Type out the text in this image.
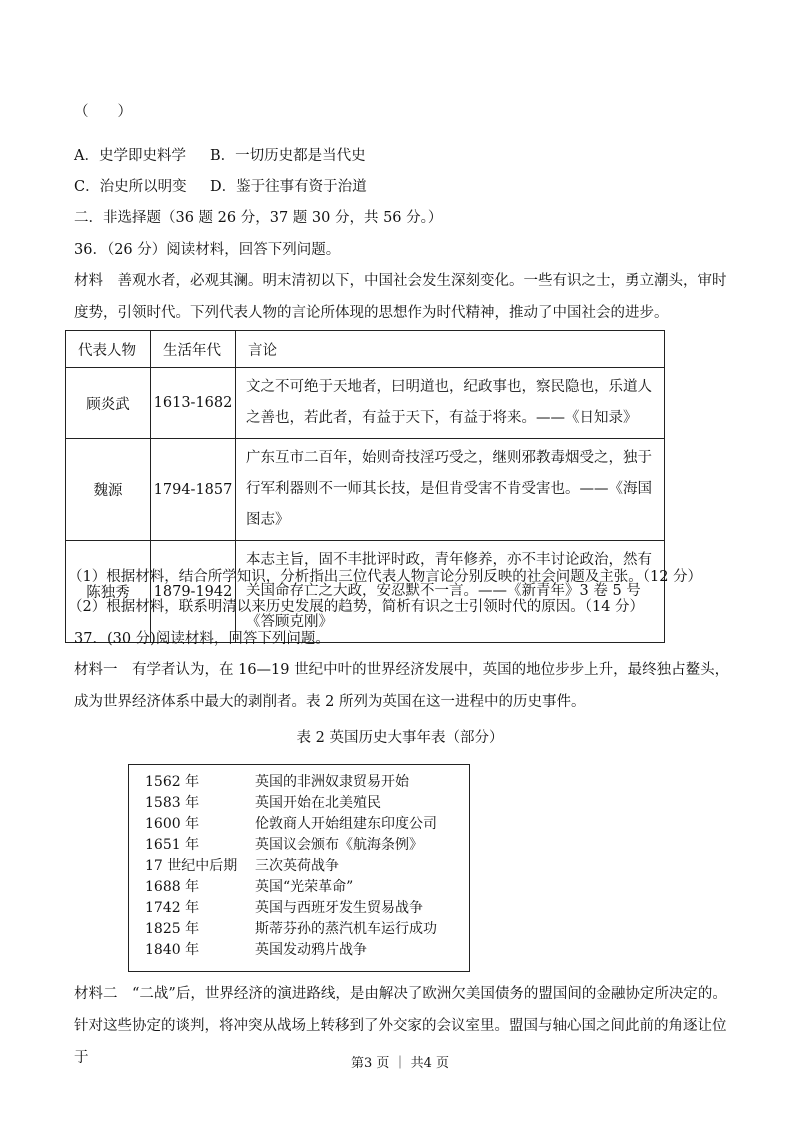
（　　）
A．史学即史料学 B．一切历史都是当代史
C．治史所以明变 D．鉴于往事有资于治道
二．非选择题（36 题 26 分，37 题 30 分，共 56 分。）
36．（26 分）阅读材料，回答下列问题。
材料　善观水者，必观其澜。明末清初以下，中国社会发生深刻变化。一些有识之士，勇立潮头，审时度势，引领时代。下列代表人物的言论所体现的思想作为时代精神，推动了中国社会的进步。
代表人物	生活年代	言论
顾炎武	1613-1682	文之不可绝于天地者，曰明道也，纪政事也，察民隐也，乐道人之善也，若此者，有益于天下，有益于将来。——《日知录》
魏源	1794-1857	广东互市二百年，始则奇技淫巧受之，继则邪教毒烟受之，独于行军利器则不一师其长技，是但肯受害不肯受害也。——《海国图志》
陈独秀	1879-1942	本志主旨，固不丰批评时政，青年修养，亦不丰讨论政治，然有关国命存亡之大政，安忍默不一言。——《新青年》3 卷 5 号《答顾克刚》
（1）根据材料，结合所学知识，分析指出三位代表人物言论分别反映的社会问题及主张。（12 分）
（2）根据材料，联系明清以来历史发展的趋势，简析有识之士引领时代的原因。（14 分）
37．(30 分)阅读材料，回答下列问题。
材料一　有学者认为，在 16—19 世纪中叶的世界经济发展中，英国的地位步步上升，最终独占鳌头，成为世界经济体系中最大的剥削者。表 2 所列为英国在这一进程中的历史事件。
表 2 英国历史大事年表（部分）
1562 年	英国的非洲奴隶贸易开始
1583 年	英国开始在北美殖民
1600 年	伦敦商人开始组建东印度公司
1651 年	英国议会颁布《航海条例》
17 世纪中后期	三次英荷战争
1688 年	英国“光荣革命”
1742 年	英国与西班牙发生贸易战争
1825 年	斯蒂芬孙的蒸汽机车运行成功
1840 年	英国发动鸦片战争
材料二　“二战”后，世界经济的演进路线，是由解决了欧洲欠美国债务的盟国间的金融协定所决定的。针对这些协定的谈判，将冲突从战场上转移到了外交家的会议室里。盟国与轴心国之间此前的角逐让位于	第3 页 ｜ 共4 页
